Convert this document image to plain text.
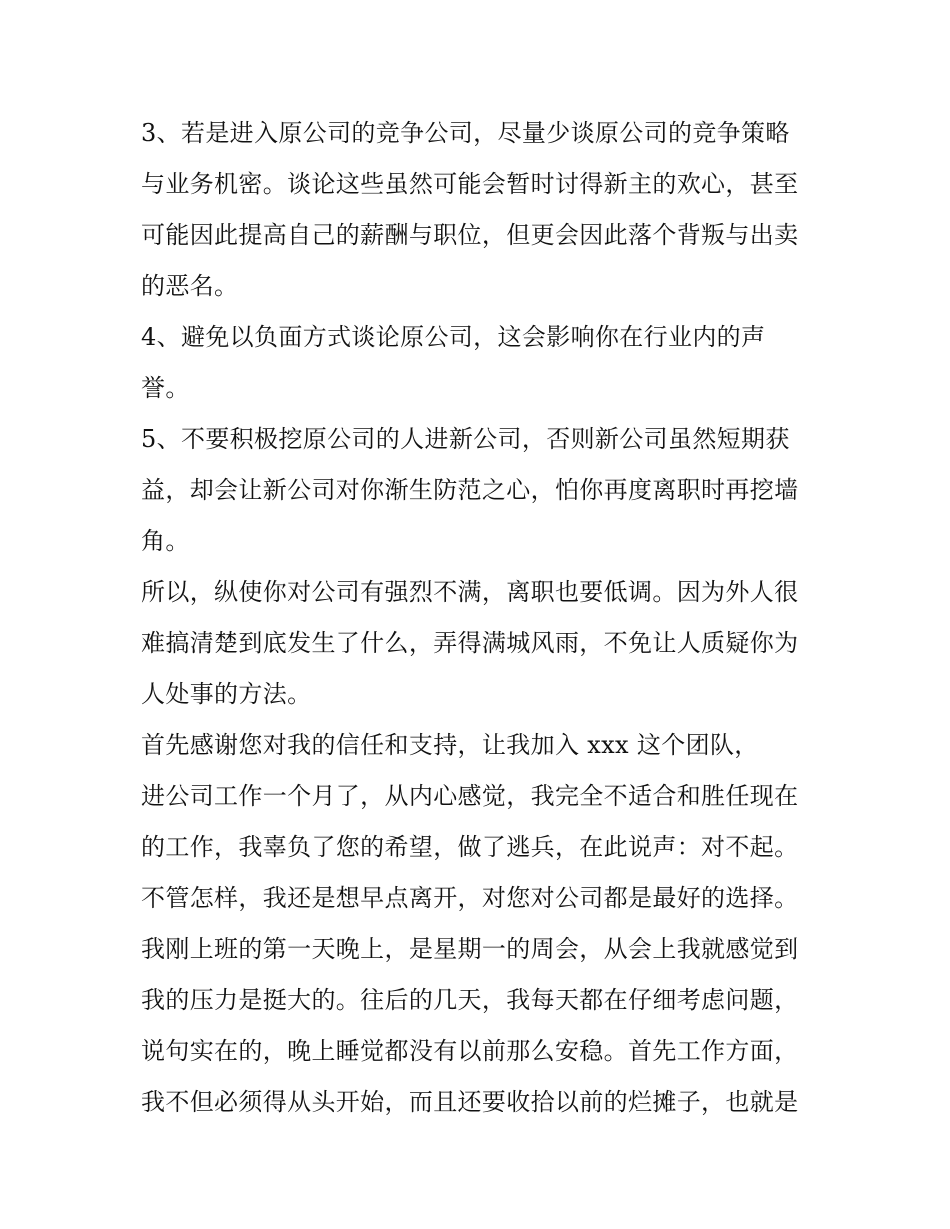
3、若是进入原公司的竞争公司，尽量少谈原公司的竞争策略
与业务机密。谈论这些虽然可能会暂时讨得新主的欢心，甚至
可能因此提高自己的薪酬与职位，但更会因此落个背叛与出卖
的恶名。
4、避免以负面方式谈论原公司，这会影响你在行业内的声
誉。
5、不要积极挖原公司的人进新公司，否则新公司虽然短期获
益，却会让新公司对你渐生防范之心，怕你再度离职时再挖墙
角。
所以，纵使你对公司有强烈不满，离职也要低调。因为外人很
难搞清楚到底发生了什么，弄得满城风雨，不免让人质疑你为
人处事的方法。
首先感谢您对我的信任和支持，让我加入 xxx 这个团队，
进公司工作一个月了，从内心感觉，我完全不适合和胜任现在
的工作，我辜负了您的希望，做了逃兵，在此说声：对不起。
不管怎样，我还是想早点离开，对您对公司都是最好的选择。
我刚上班的第一天晚上，是星期一的周会，从会上我就感觉到
我的压力是挺大的。往后的几天，我每天都在仔细考虑问题，
说句实在的，晚上睡觉都没有以前那么安稳。首先工作方面，
我不但必须得从头开始，而且还要收拾以前的烂摊子，也就是
